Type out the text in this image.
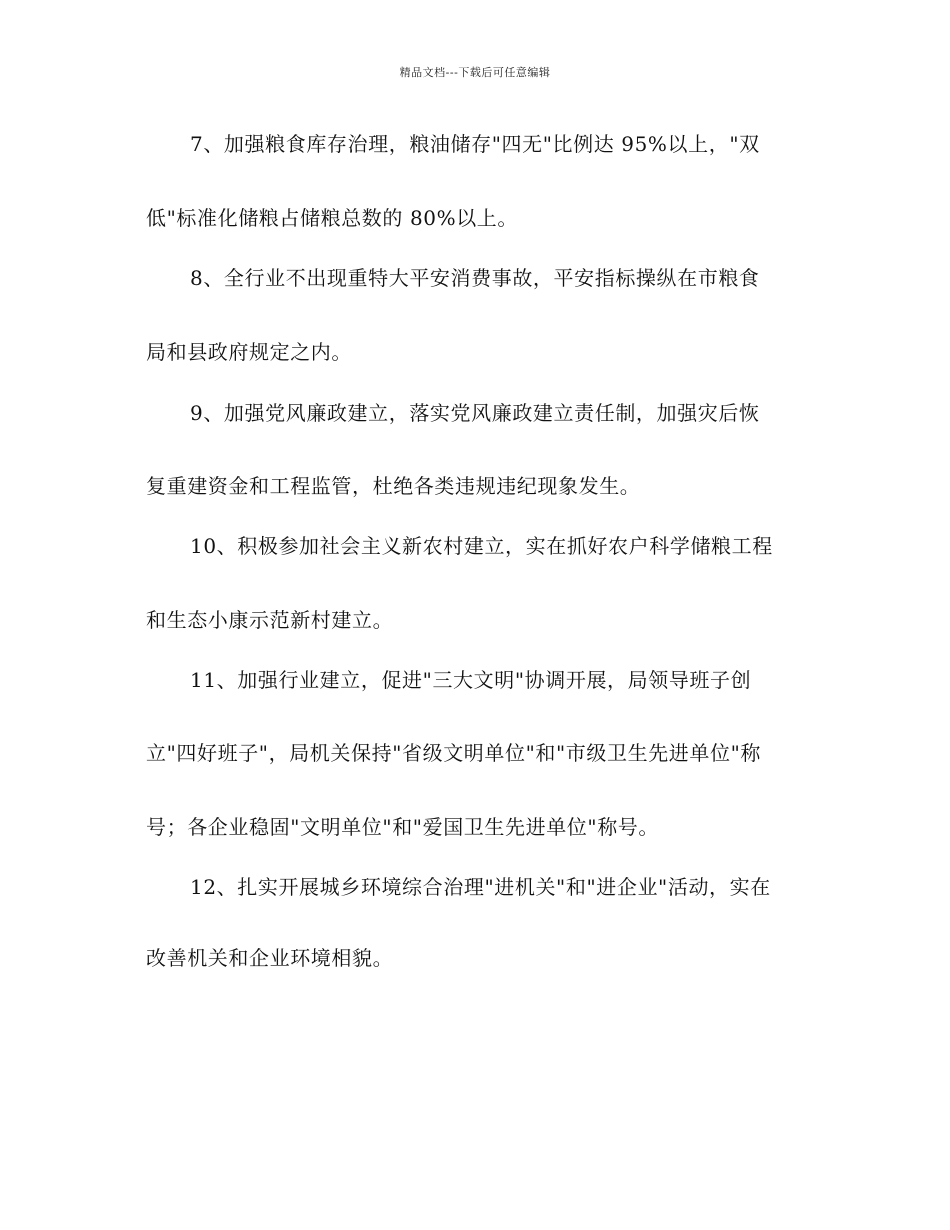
精品文档---下载后可任意编辑
7、加强粮食库存治理，粮油储存"四无"比例达 95%以上，"双
低"标准化储粮占储粮总数的 80%以上。
8、全行业不出现重特大平安消费事故，平安指标操纵在市粮食
局和县政府规定之内。
9、加强党风廉政建立，落实党风廉政建立责任制，加强灾后恢
复重建资金和工程监管，杜绝各类违规违纪现象发生。
10、积极参加社会主义新农村建立，实在抓好农户科学储粮工程
和生态小康示范新村建立。
11、加强行业建立，促进"三大文明"协调开展，局领导班子创
立"四好班子"，局机关保持"省级文明单位"和"市级卫生先进单位"称
号；各企业稳固"文明单位"和"爱国卫生先进单位"称号。
12、扎实开展城乡环境综合治理"进机关"和"进企业"活动，实在
改善机关和企业环境相貌。
